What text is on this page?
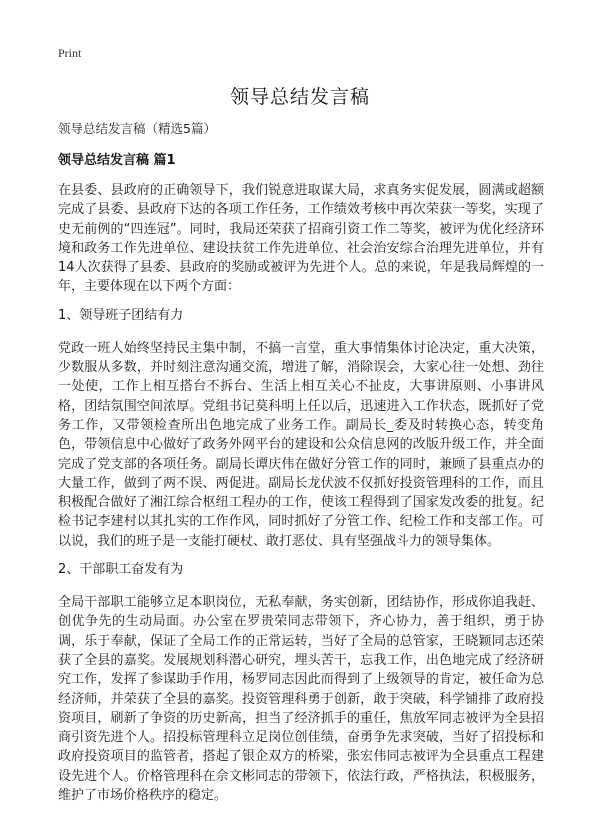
Print
领导总结发言稿

领导总结发言稿（精选5篇）

领导总结发言稿 篇1

在县委、县政府的正确领导下，我们锐意进取谋大局，求真务实促发展，圆满或超额完成了县委、县政府下达的各项工作任务，工作绩效考核中再次荣获一等奖，实现了史无前例的“四连冠”。同时，我局还荣获了招商引资工作二等奖，被评为优化经济环境和政务工作先进单位、建设扶贫工作先进单位、社会治安综合治理先进单位，并有14人次获得了县委、县政府的奖励或被评为先进个人。总的来说，年是我局辉煌的一年，主要体现在以下两个方面：

1、领导班子团结有力

党政一班人始终坚持民主集中制，不搞一言堂，重大事情集体讨论决定，重大决策，少数服从多数，并时刻注意沟通交流，增进了解，消除误会，大家心往一处想、劲往一处使，工作上相互搭台不拆台、生活上相互关心不扯皮，大事讲原则、小事讲风格，团结氛围空间浓厚。党组书记莫科明上任以后，迅速进入工作状态，既抓好了党务工作，又带领检查所出色地完成了业务工作。副局长_委及时转换心态，转变角色，带领信息中心做好了政务外网平台的建设和公众信息网的改版升级工作，并全面完成了党支部的各项任务。副局长谭庆伟在做好分管工作的同时，兼顾了县重点办的大量工作，做到了两不误、两促进。副局长龙伏波不仅抓好投资管理科的工作，而且积极配合做好了湘江综合枢纽工程办的工作，使该工程得到了国家发改委的批复。纪检书记李建村以其扎实的工作作风，同时抓好了分管工作、纪检工作和支部工作。可以说，我们的班子是一支能打硬杖、敢打恶仗、具有坚强战斗力的领导集体。

2、干部职工奋发有为

全局干部职工能够立足本职岗位，无私奉献，务实创新，团结协作，形成你追我赶、创优争先的生动局面。办公室在罗贵荣同志带领下，齐心协力，善于组织，勇于协调，乐于奉献，保证了全局工作的正常运转，当好了全局的总管家，王晓颖同志还荣获了全县的嘉奖。发展规划科潜心研究，埋头苦干，忘我工作，出色地完成了经济研究工作，发挥了参谋助手作用，杨罗同志因此而得到了上级领导的肯定，被任命为总经济师，并荣获了全县的嘉奖。投资管理科勇于创新，敢于突破，科学铺排了政府投资项目，刷新了争资的历史新高，担当了经济抓手的重任，焦放军同志被评为全县招商引资先进个人。招投标管理科立足岗位创佳绩，奋勇争先求突破，当好了招投标和政府投资项目的监管者，搭起了银企双方的桥梁，张宏伟同志被评为全县重点工程建设先进个人。价格管理科在佘文彬同志的带领下，依法行政，严格执法，积极服务，维护了市场价格秩序的稳定。
